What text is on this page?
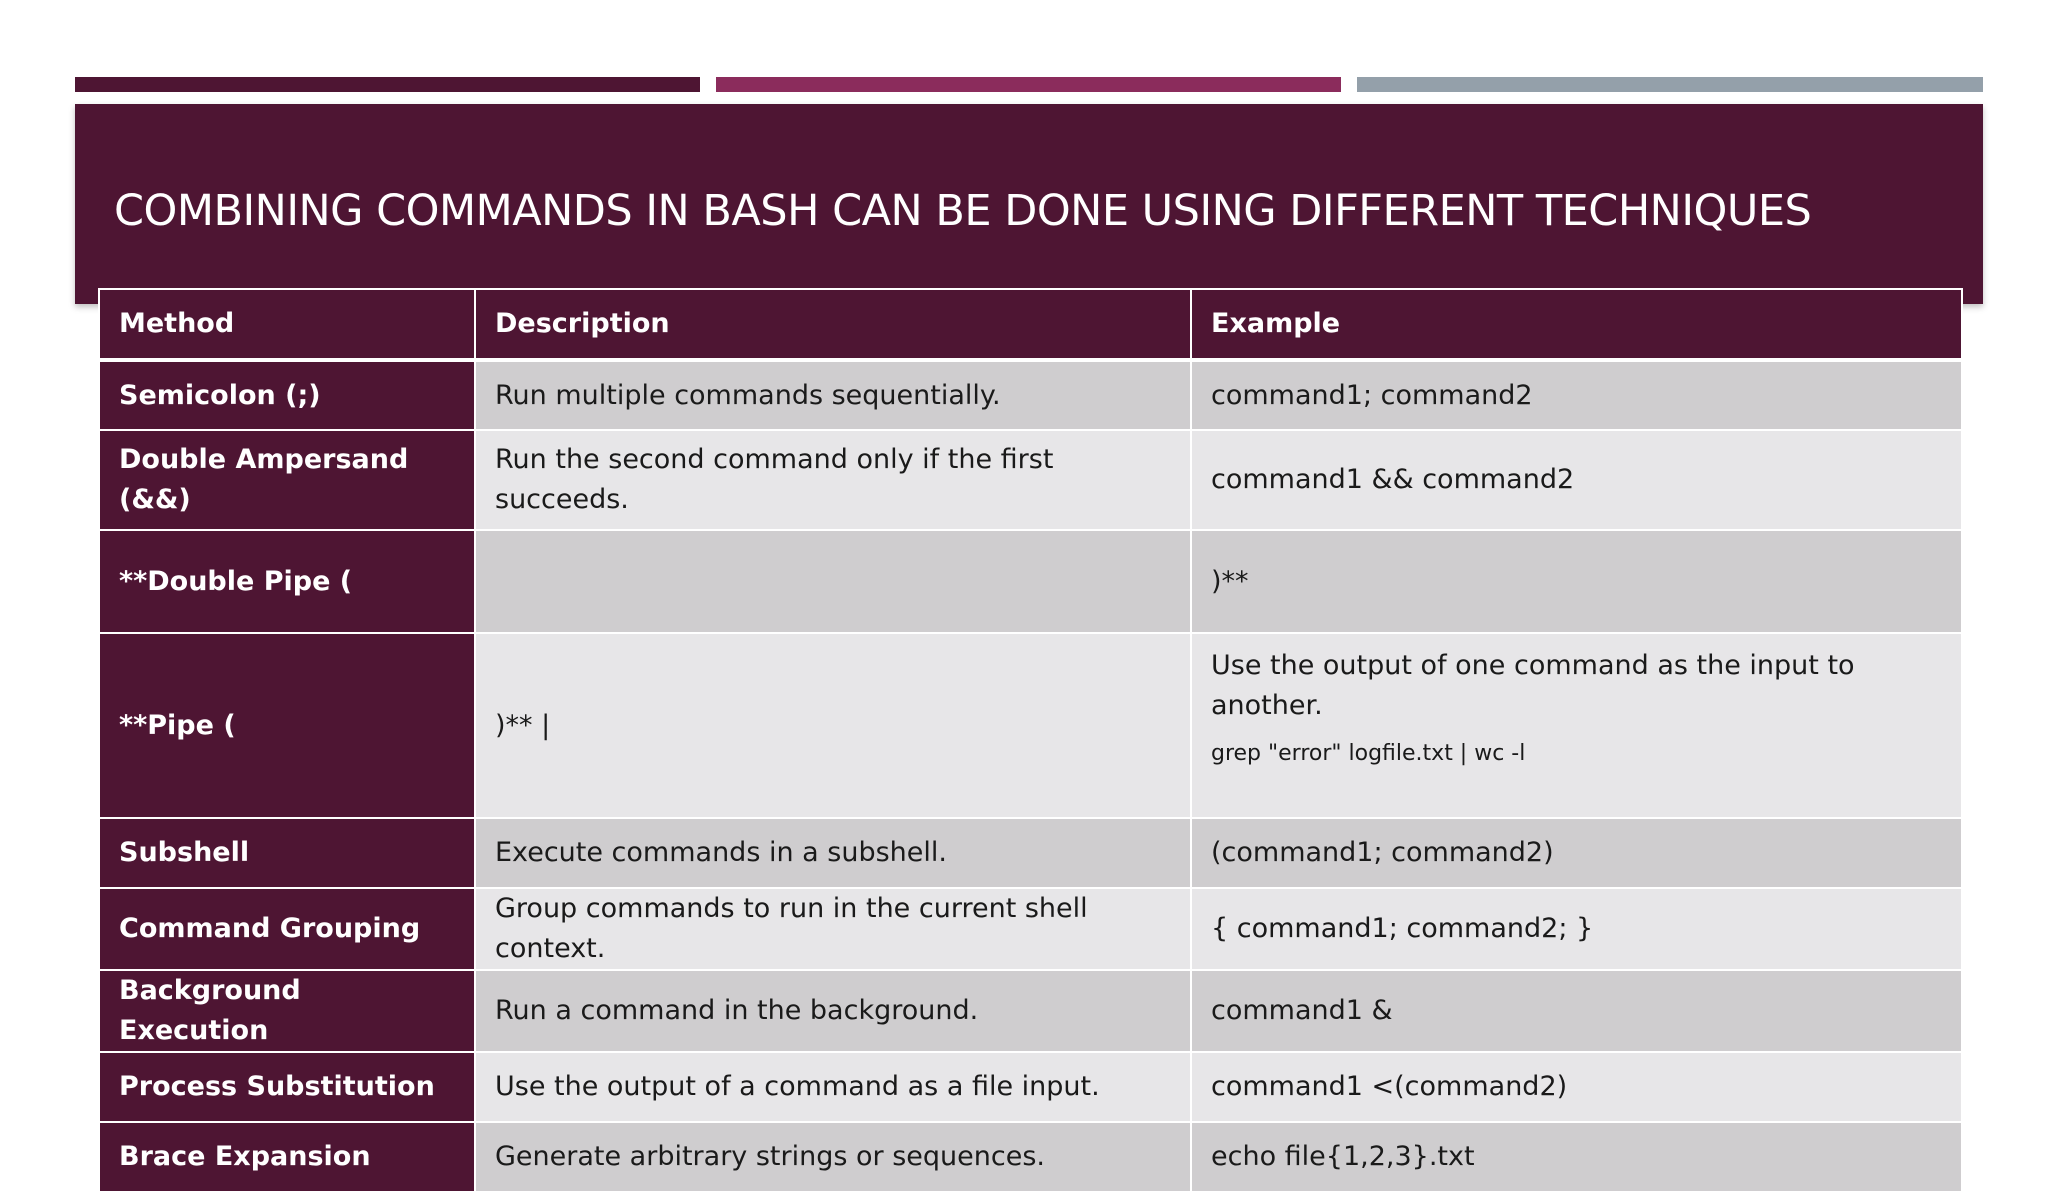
COMBINING COMMANDS IN BASH CAN BE DONE USING DIFFERENT TECHNIQUES
Method	Description	Example
Semicolon (;)	Run multiple commands sequentially.	command1; command2
Double Ampersand (&&)	Run the second command only if the first succeeds.	command1 && command2
**Double Pipe (		)**
**Pipe (	)** |	Use the output of one command as the input to another.
grep "error" logfile.txt | wc -l

Subshell	Execute commands in a subshell.	(command1; command2)
Command Grouping	Group commands to run in the current shell context.	{ command1; command2; }
Background Execution	Run a command in the background.	command1 &
Process Substitution	Use the output of a command as a file input.	command1 <(command2)
Brace Expansion	Generate arbitrary strings or sequences.	echo file{1,2,3}.txt
